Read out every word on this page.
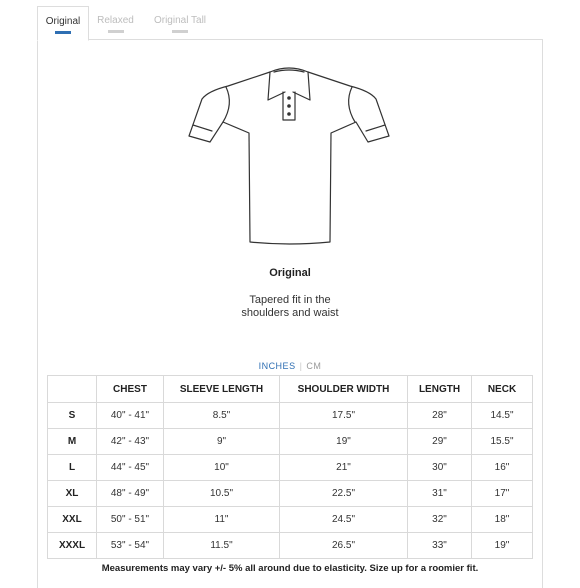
Original	Relaxed	Original Tall
Original
Tapered fit in the
shoulders and waist
INCHES | CM
	CHEST	SLEEVE LENGTH	SHOULDER WIDTH	LENGTH	NECK
S	40" - 41"	8.5"	17.5"	28"	14.5"
M	42" - 43"	9"	19"	29"	15.5"
L	44" - 45"	10"	21"	30"	16"
XL	48" - 49"	10.5"	22.5"	31"	17"
XXL	50" - 51"	11"	24.5"	32"	18"
XXXL	53" - 54"	11.5"	26.5"	33"	19"
Measurements may vary +/- 5% all around due to elasticity. Size up for a roomier fit.
